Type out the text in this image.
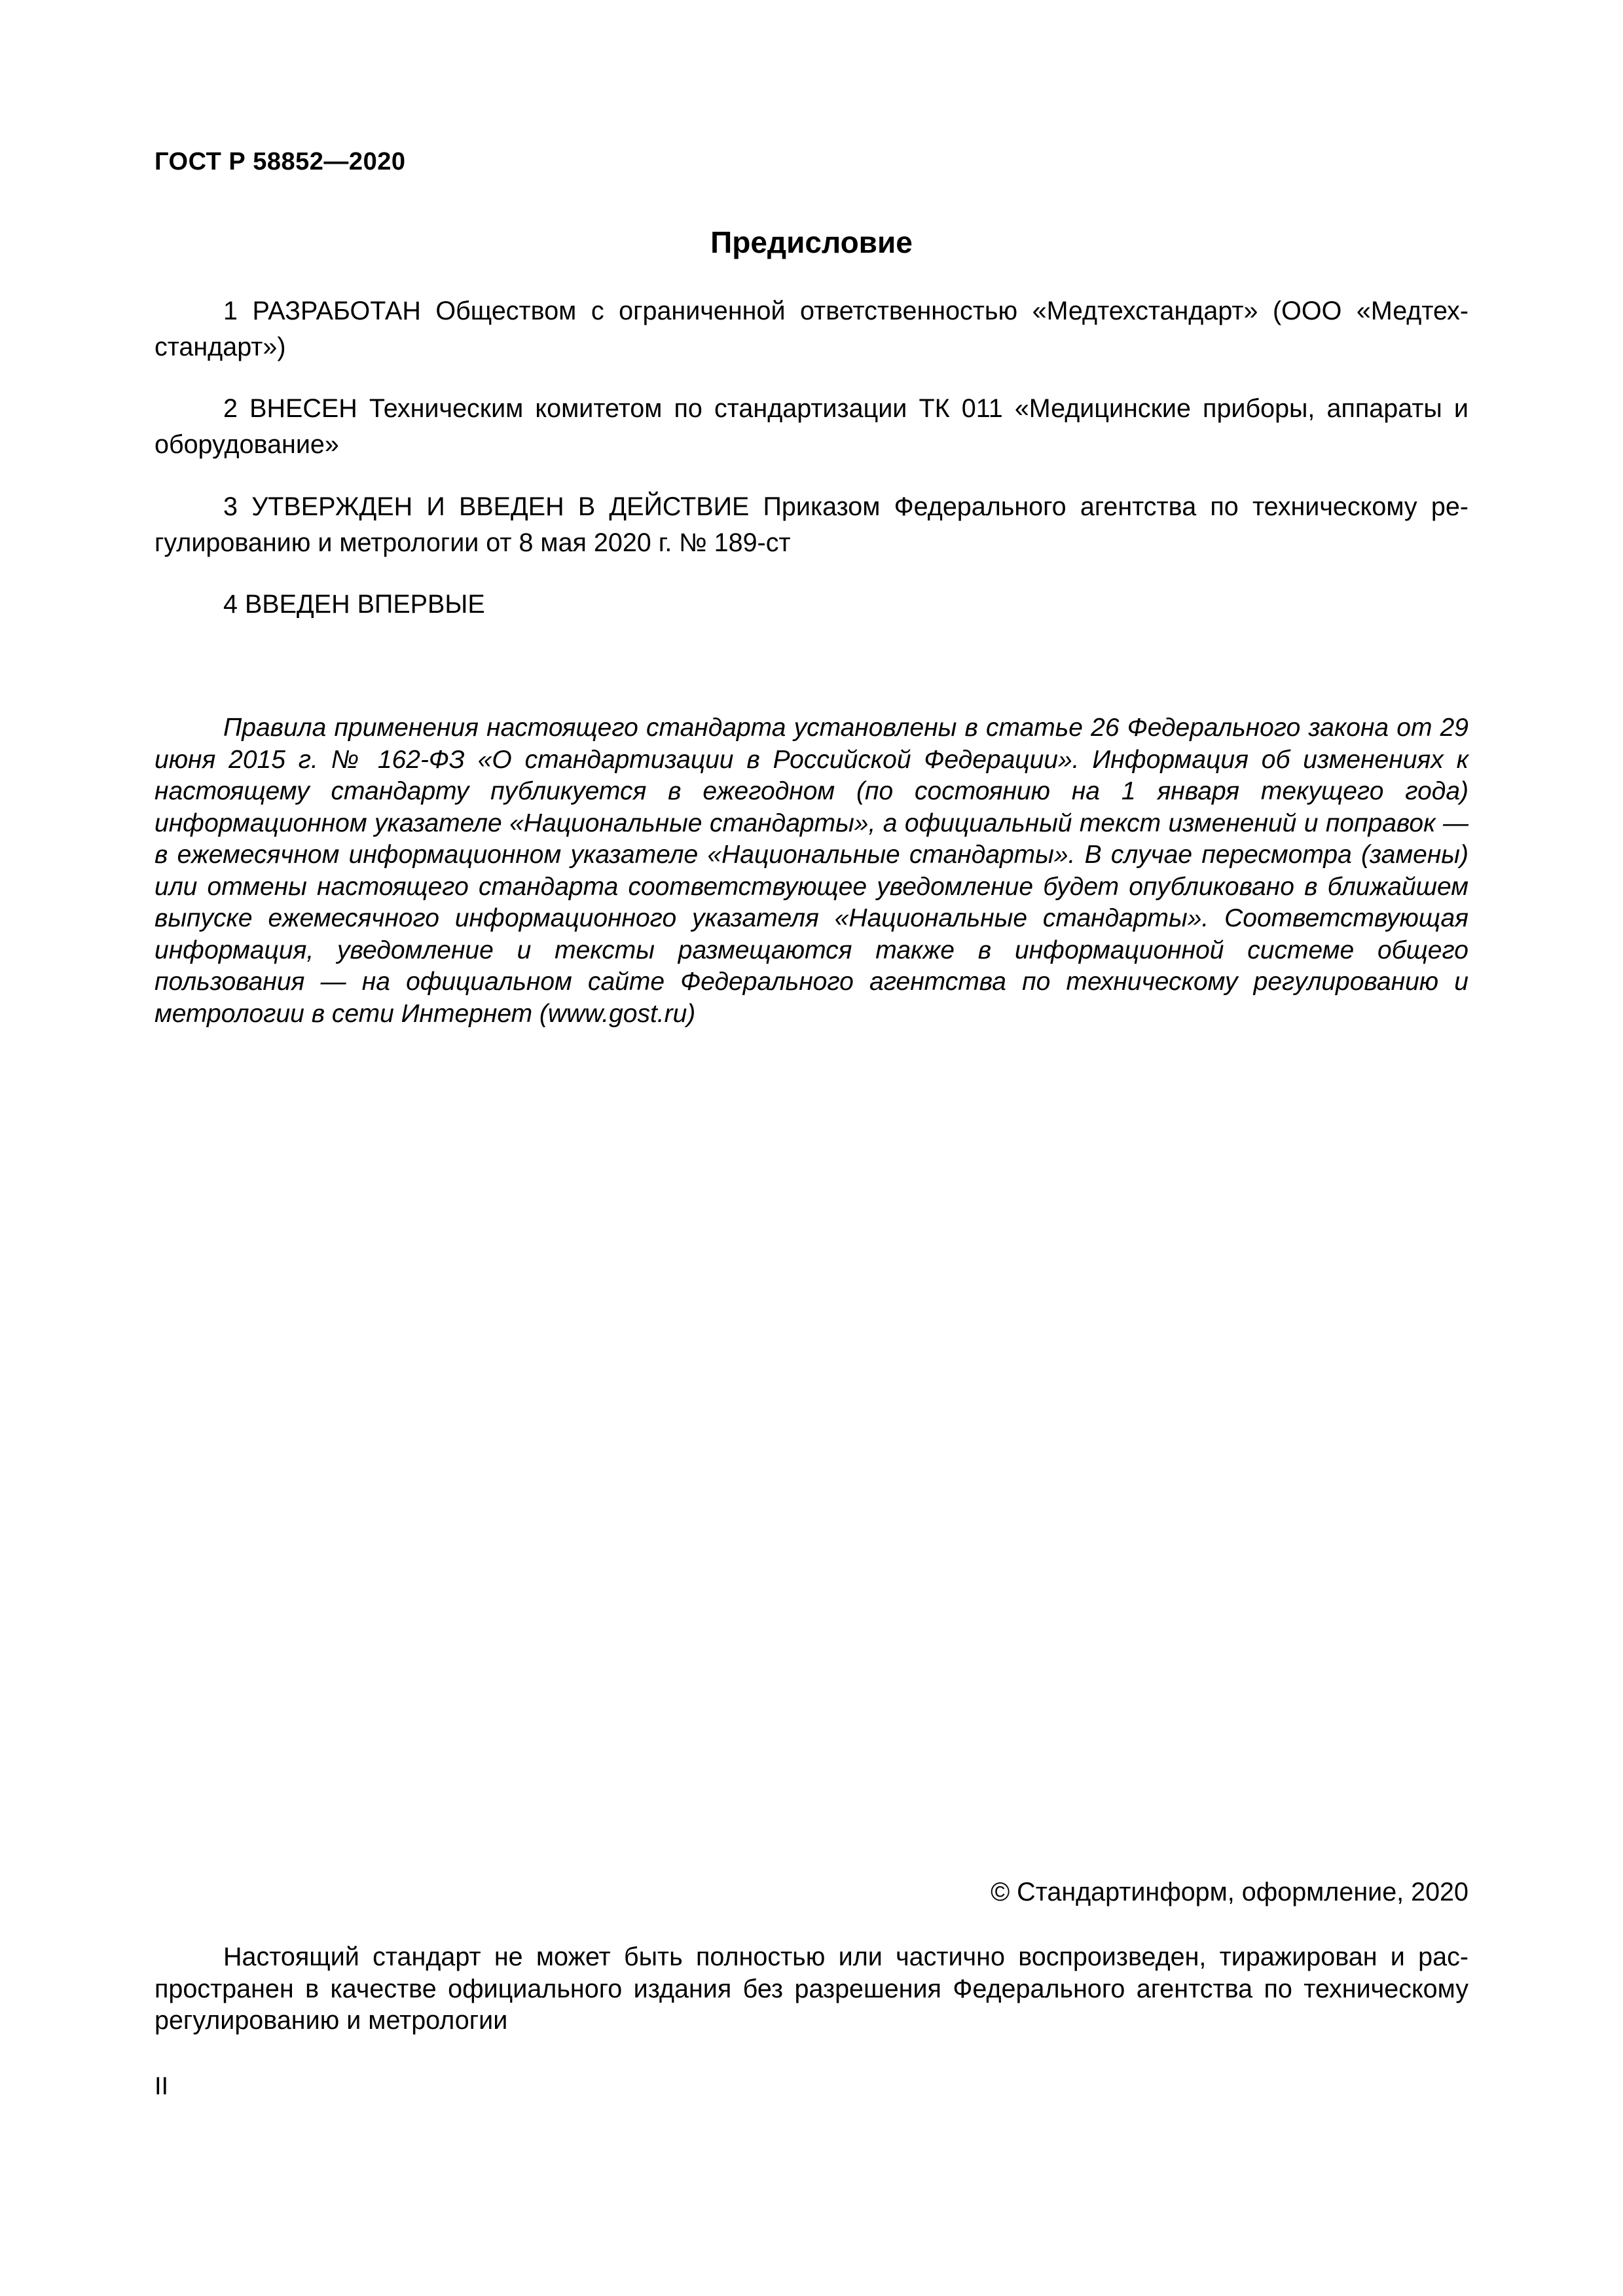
ГОСТ Р 58852—2020
Предисловие

1 РАЗРАБОТАН Обществом с ограниченной ответственностью «Медтехстандарт» (ООО «Медтехстандарт»)

2 ВНЕСЕН Техническим комитетом по стандартизации ТК 011 «Медицинские приборы, аппараты и оборудование»

3 УТВЕРЖДЕН И ВВЕДЕН В ДЕЙСТВИЕ Приказом Федерального агентства по техническому регулированию и метрологии от 8 мая 2020 г. № 189-ст

4 ВВЕДЕН ВПЕРВЫЕ

Правила применения настоящего стандарта установлены в статье 26 Федерального закона от 29 июня 2015 г. № 162-ФЗ «О стандартизации в Российской Федерации». Информация об изменениях к настоящему стандарту публикуется в ежегодном (по состоянию на 1 января текущего года) информационном указателе «Национальные стандарты», а официальный текст изменений и поправок — в ежемесячном информационном указателе «Национальные стандарты». В случае пересмотра (замены) или отмены настоящего стандарта соответствующее уведомление будет опубликовано в ближайшем выпуске ежемесячного информационного указателя «Национальные стандарты». Соответствующая информация, уведомление и тексты размещаются также в информационной системе общего пользования — на официальном сайте Федерального агентства по техническому регулированию и метрологии в сети Интернет (www.gost.ru)

© Стандартинформ, оформление, 2020

Настоящий стандарт не может быть полностью или частично воспроизведен, тиражирован и распространен в качестве официального издания без разрешения Федерального агентства по техническому регулированию и метрологии

II
